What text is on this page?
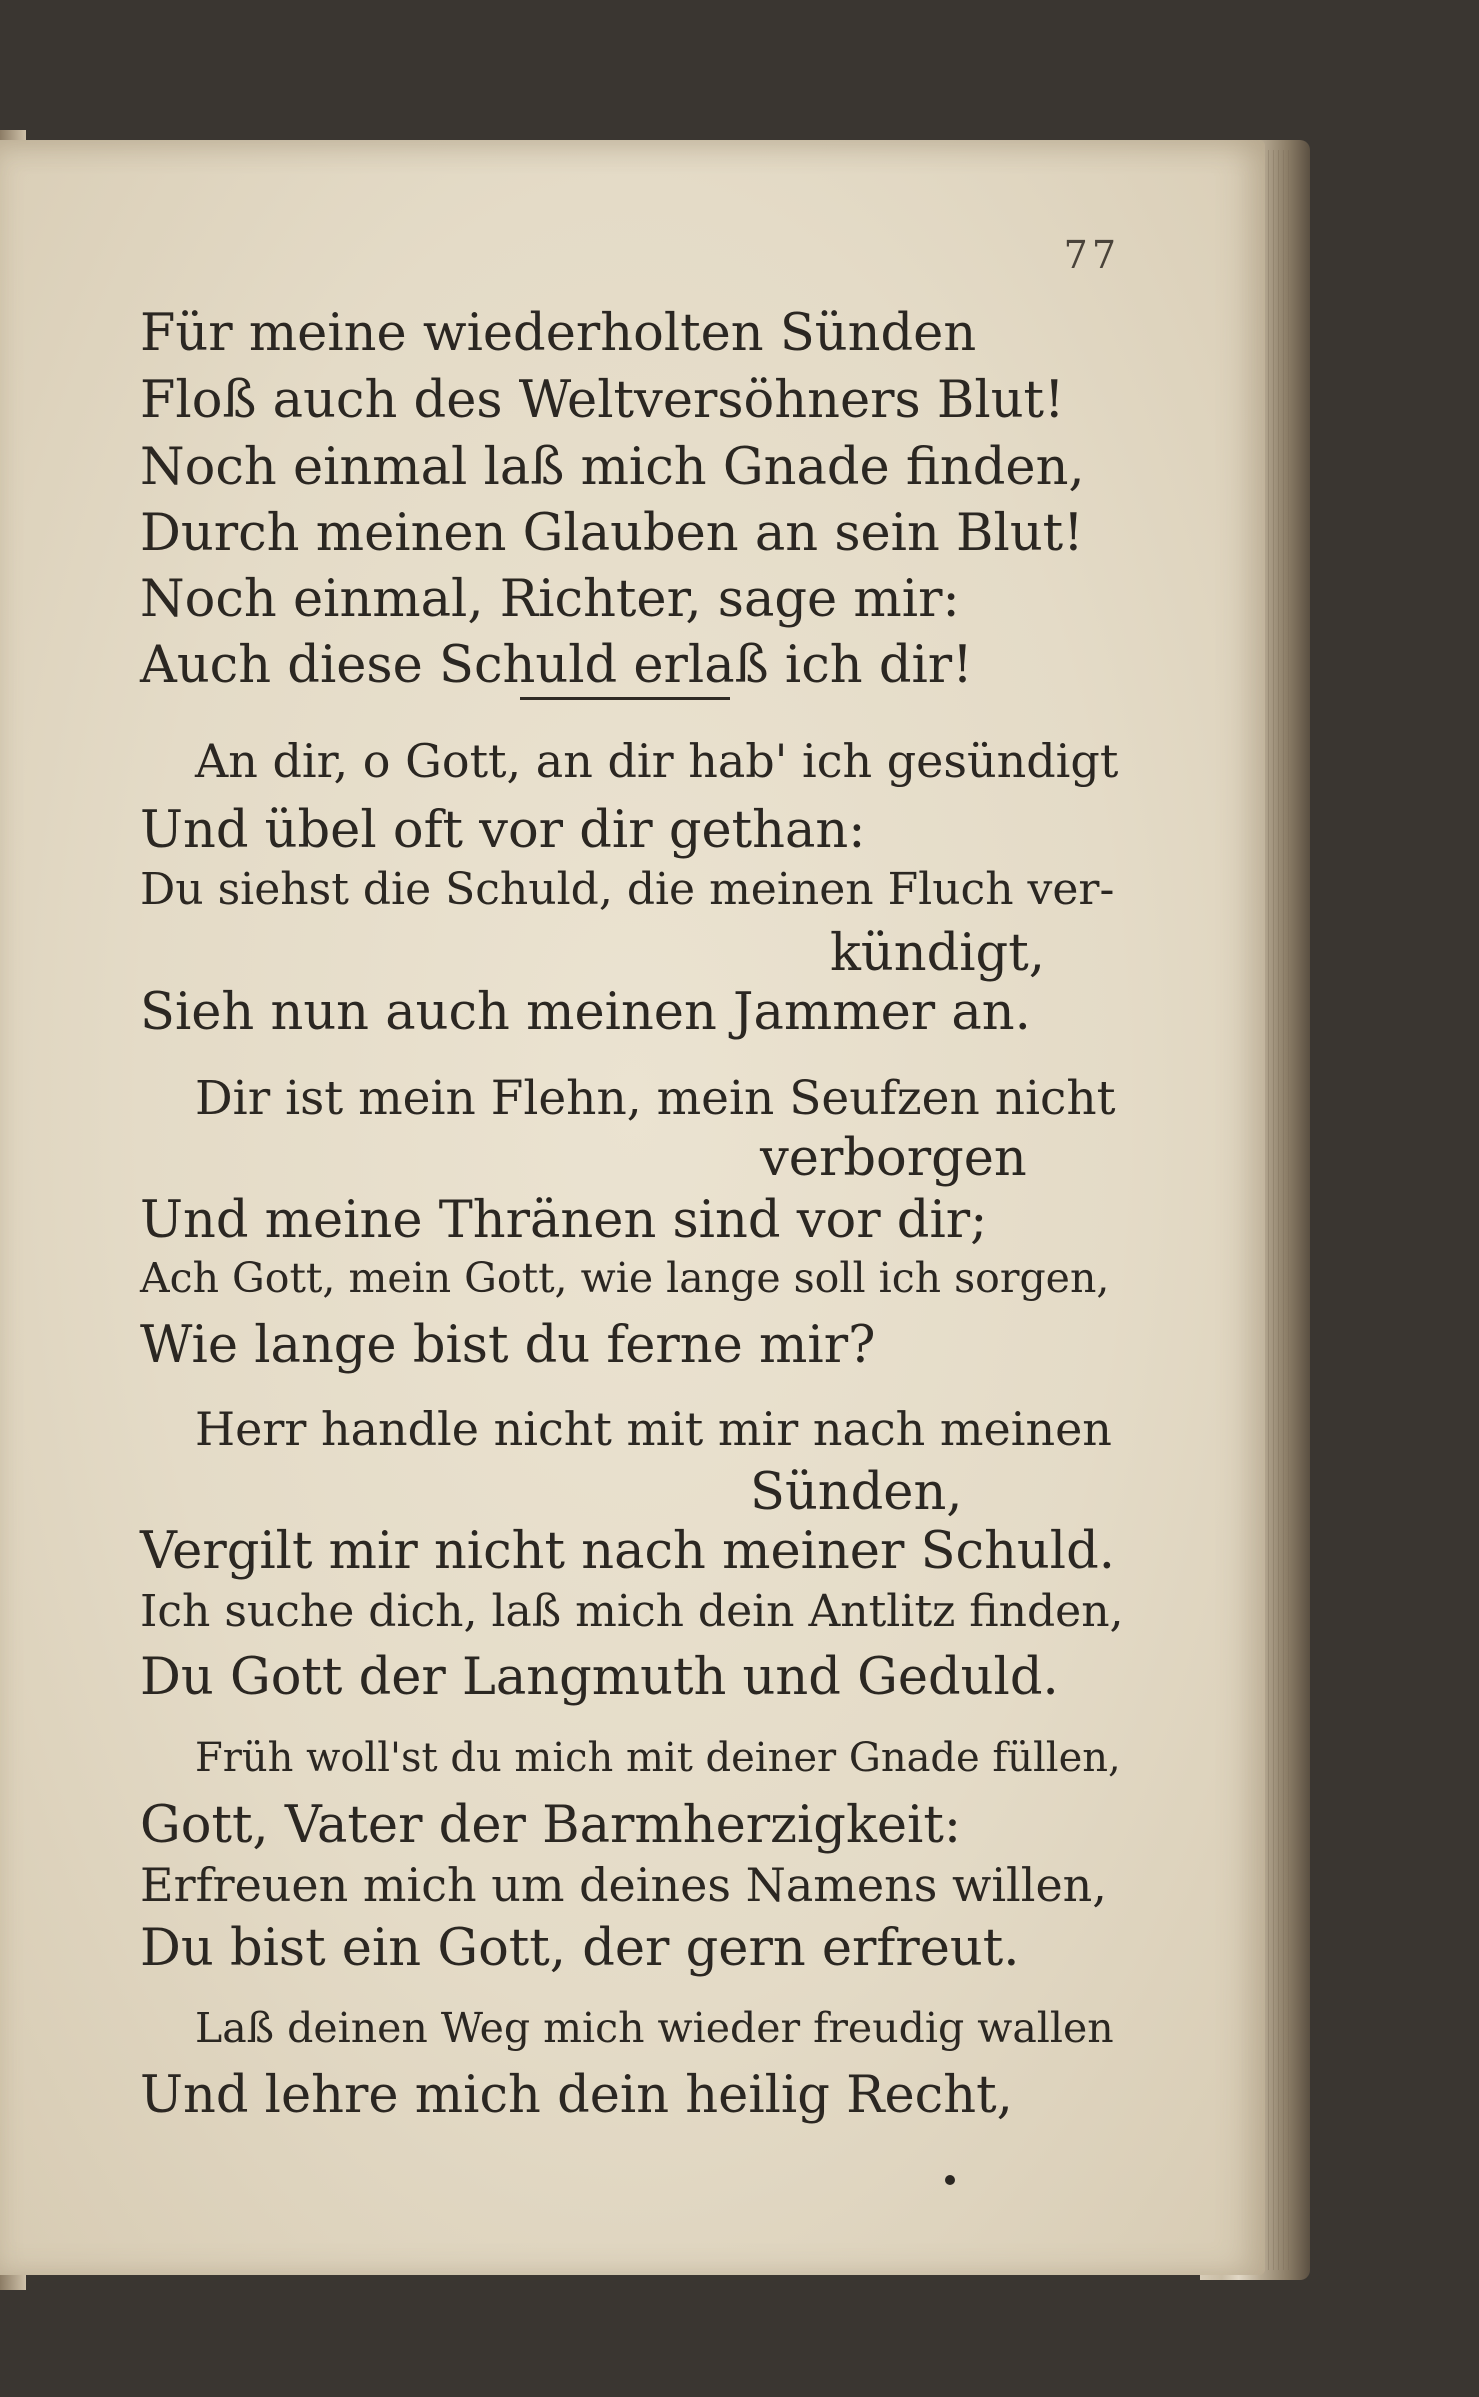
77
Für meine wiederholten Sünden
Floß auch des Weltversöhners Blut!
Noch einmal laß mich Gnade finden,
Durch meinen Glauben an sein Blut!
Noch einmal, Richter, sage mir:
Auch diese Schuld erlaß ich dir!
An dir, o Gott, an dir hab' ich gesündigt
Und übel oft vor dir gethan:
Du siehst die Schuld, die meinen Fluch ver-
kündigt,
Sieh nun auch meinen Jammer an.
Dir ist mein Flehn, mein Seufzen nicht
verborgen
Und meine Thränen sind vor dir;
Ach Gott, mein Gott, wie lange soll ich sorgen,
Wie lange bist du ferne mir?
Herr handle nicht mit mir nach meinen
Sünden,
Vergilt mir nicht nach meiner Schuld.
Ich suche dich, laß mich dein Antlitz finden,
Du Gott der Langmuth und Geduld.
Früh woll'st du mich mit deiner Gnade füllen,
Gott, Vater der Barmherzigkeit:
Erfreuen mich um deines Namens willen,
Du bist ein Gott, der gern erfreut.
Laß deinen Weg mich wieder freudig wallen
Und lehre mich dein heilig Recht,
